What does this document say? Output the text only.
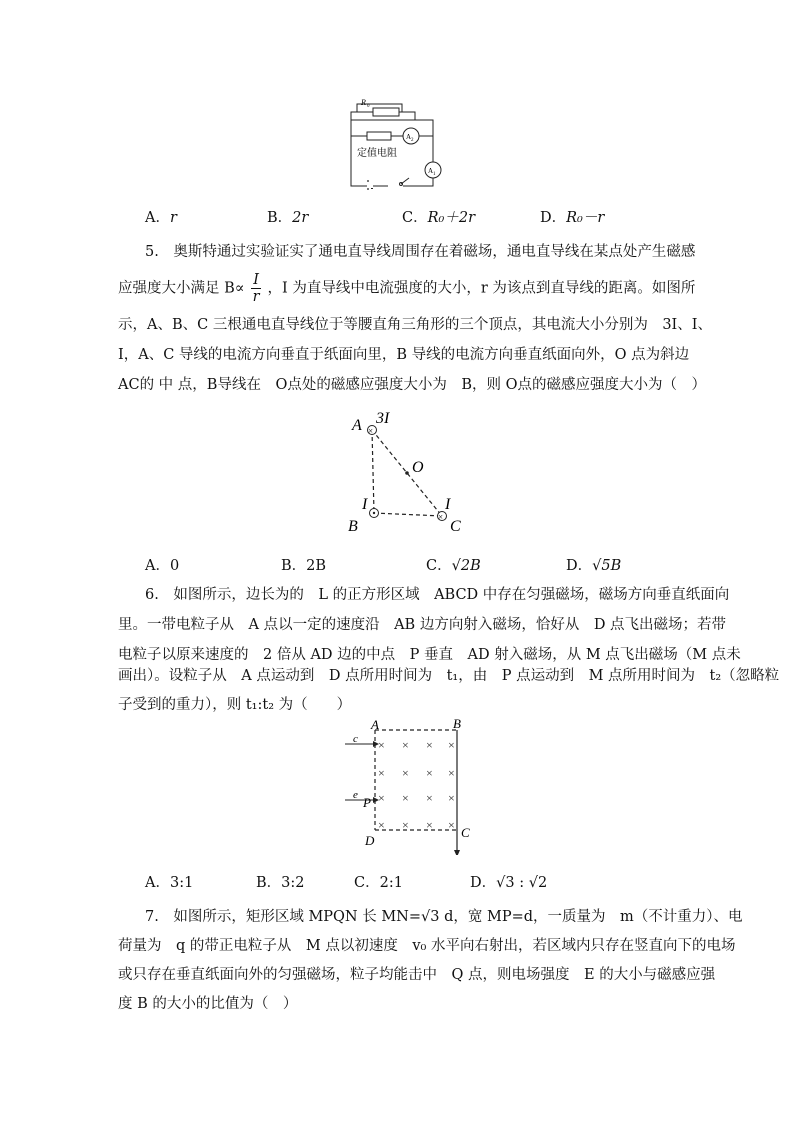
R 0
A 2
A 1
定值电阻
A．r	B．2r	C．R₀＋2r	D．R₀－r
5.　奥斯特通过实验证实了通电直导线周围存在着磁场，通电直导线在某点处产生磁感
应强度大小满足 $B\propto \frac{I}{r}$ ，I 为直导线中电流强度的大小，r 为该点到直导线的距离。如图所
示，A、B、C 三根通电直导线位于等腰直角三角形的三个顶点，其电流大小分别为　3I、I、
I，A、C 导线的电流方向垂直于纸面向里，B 导线的电流方向垂直纸面向外，O 点为斜边
AC的 中 点，B导线在　O点处的磁感应强度大小为　B，则 O点的磁感应强度大小为（　）
×
×
A 3I
O
I	I
B	C
A．0	B．2B	C．√2B	D．√5B
6.　如图所示，边长为的　L 的正方形区域　ABCD 中存在匀强磁场，磁场方向垂直纸面向
里。一带电粒子从　A 点以一定的速度沿　AB 边方向射入磁场，恰好从　D 点飞出磁场；若带
电粒子以原来速度的　2 倍从 AD 边的中点　P 垂直　AD 射入磁场，从 M 点飞出磁场（M 点未
画出）。设粒子从　A 点运动到　D 点所用时间为　t₁，由　P 点运动到　M 点所用时间为　t₂（忽略粒
子受到的重力），则 t₁:t₂ 为（　　）
× × × ×
× × × ×
× × × ×
× × × ×
A	B
C
D
P
c
e
A．3:1	B．3:2	C．2:1	D．√3 : √2
7.　如图所示，矩形区域 MPQN 长 MN=√3 d，宽 MP=d，一质量为　m（不计重力）、电
荷量为　q 的带正电粒子从　M 点以初速度　v₀ 水平向右射出，若区域内只存在竖直向下的电场
或只存在垂直纸面向外的匀强磁场，粒子均能击中　Q 点，则电场强度　E 的大小与磁感应强
度 B 的大小的比值为（　）
